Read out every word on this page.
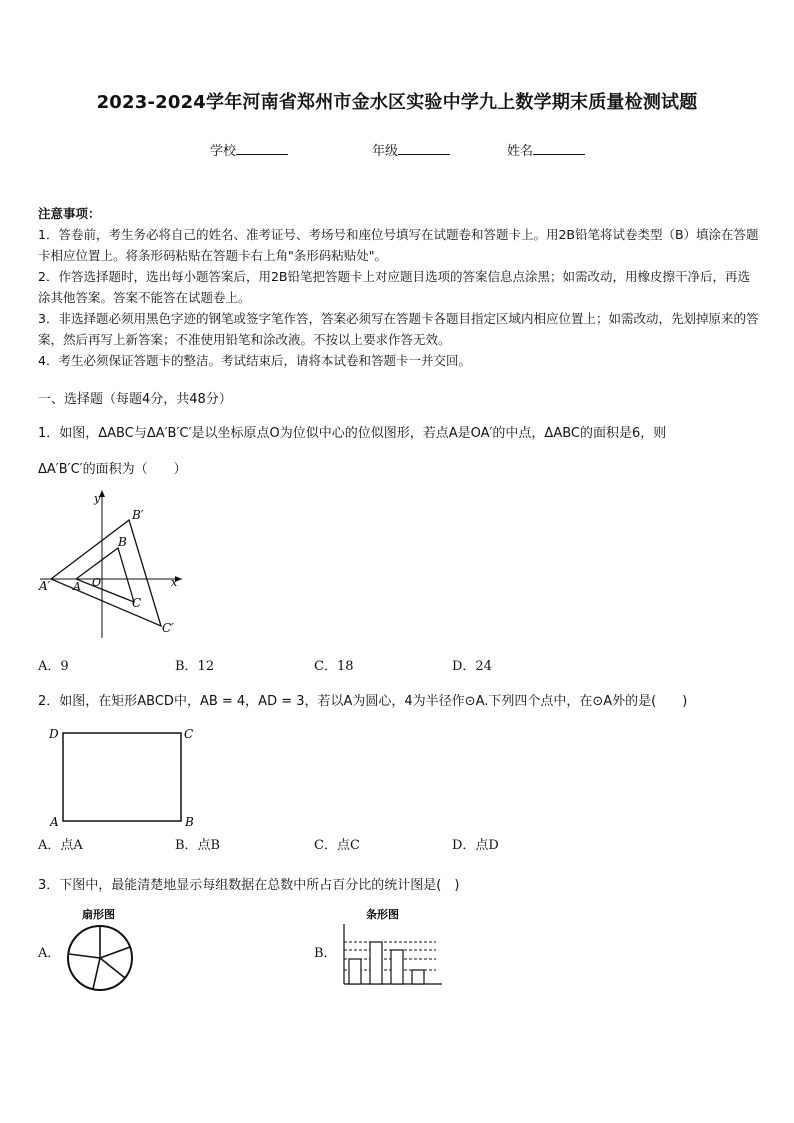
2023-2024学年河南省郑州市金水区实验中学九上数学期末质量检测试题
学校	年级	姓名

注意事项：

1．答卷前，考生务必将自己的姓名、准考证号、考场号和座位号填写在试题卷和答题卡上。用2B铅笔将试卷类型（B）填涂在答题卡相应位置上。将条形码粘贴在答题卡右上角"条形码粘贴处"。

2．作答选择题时，选出每小题答案后，用2B铅笔把答题卡上对应题目选项的答案信息点涂黑；如需改动，用橡皮擦干净后，再选涂其他答案。答案不能答在试题卷上。

3．非选择题必须用黑色字迹的钢笔或签字笔作答，答案必须写在答题卡各题目指定区域内相应位置上；如需改动，先划掉原来的答案，然后再写上新答案；不准使用铅笔和涂改液。不按以上要求作答无效。

4．考生必须保证答题卡的整洁。考试结束后，请将本试卷和答题卡一并交回。

一、选择题（每题4分，共48分）
1．如图，ΔABC与ΔA′B′C′是以坐标原点O为位似中心的位似图形，若点A是OA′的中点，ΔABC的面积是6，则
ΔA′B′C′的面积为（　　）
y
x
B′
B
A′ A O
C
C′
A．9	B．12	C．18	D．24
2．如图，在矩形ABCD中，AB = 4，AD = 3，若以A为圆心，4为半径作⊙A.下列四个点中，在⊙A外的是(　　)
D	C
A	B
A．点A	B．点B	C．点C	D．点D
3．下图中，最能清楚地显示每组数据在总数中所占百分比的统计图是(　)
A．
扇形图
B．
条形图
